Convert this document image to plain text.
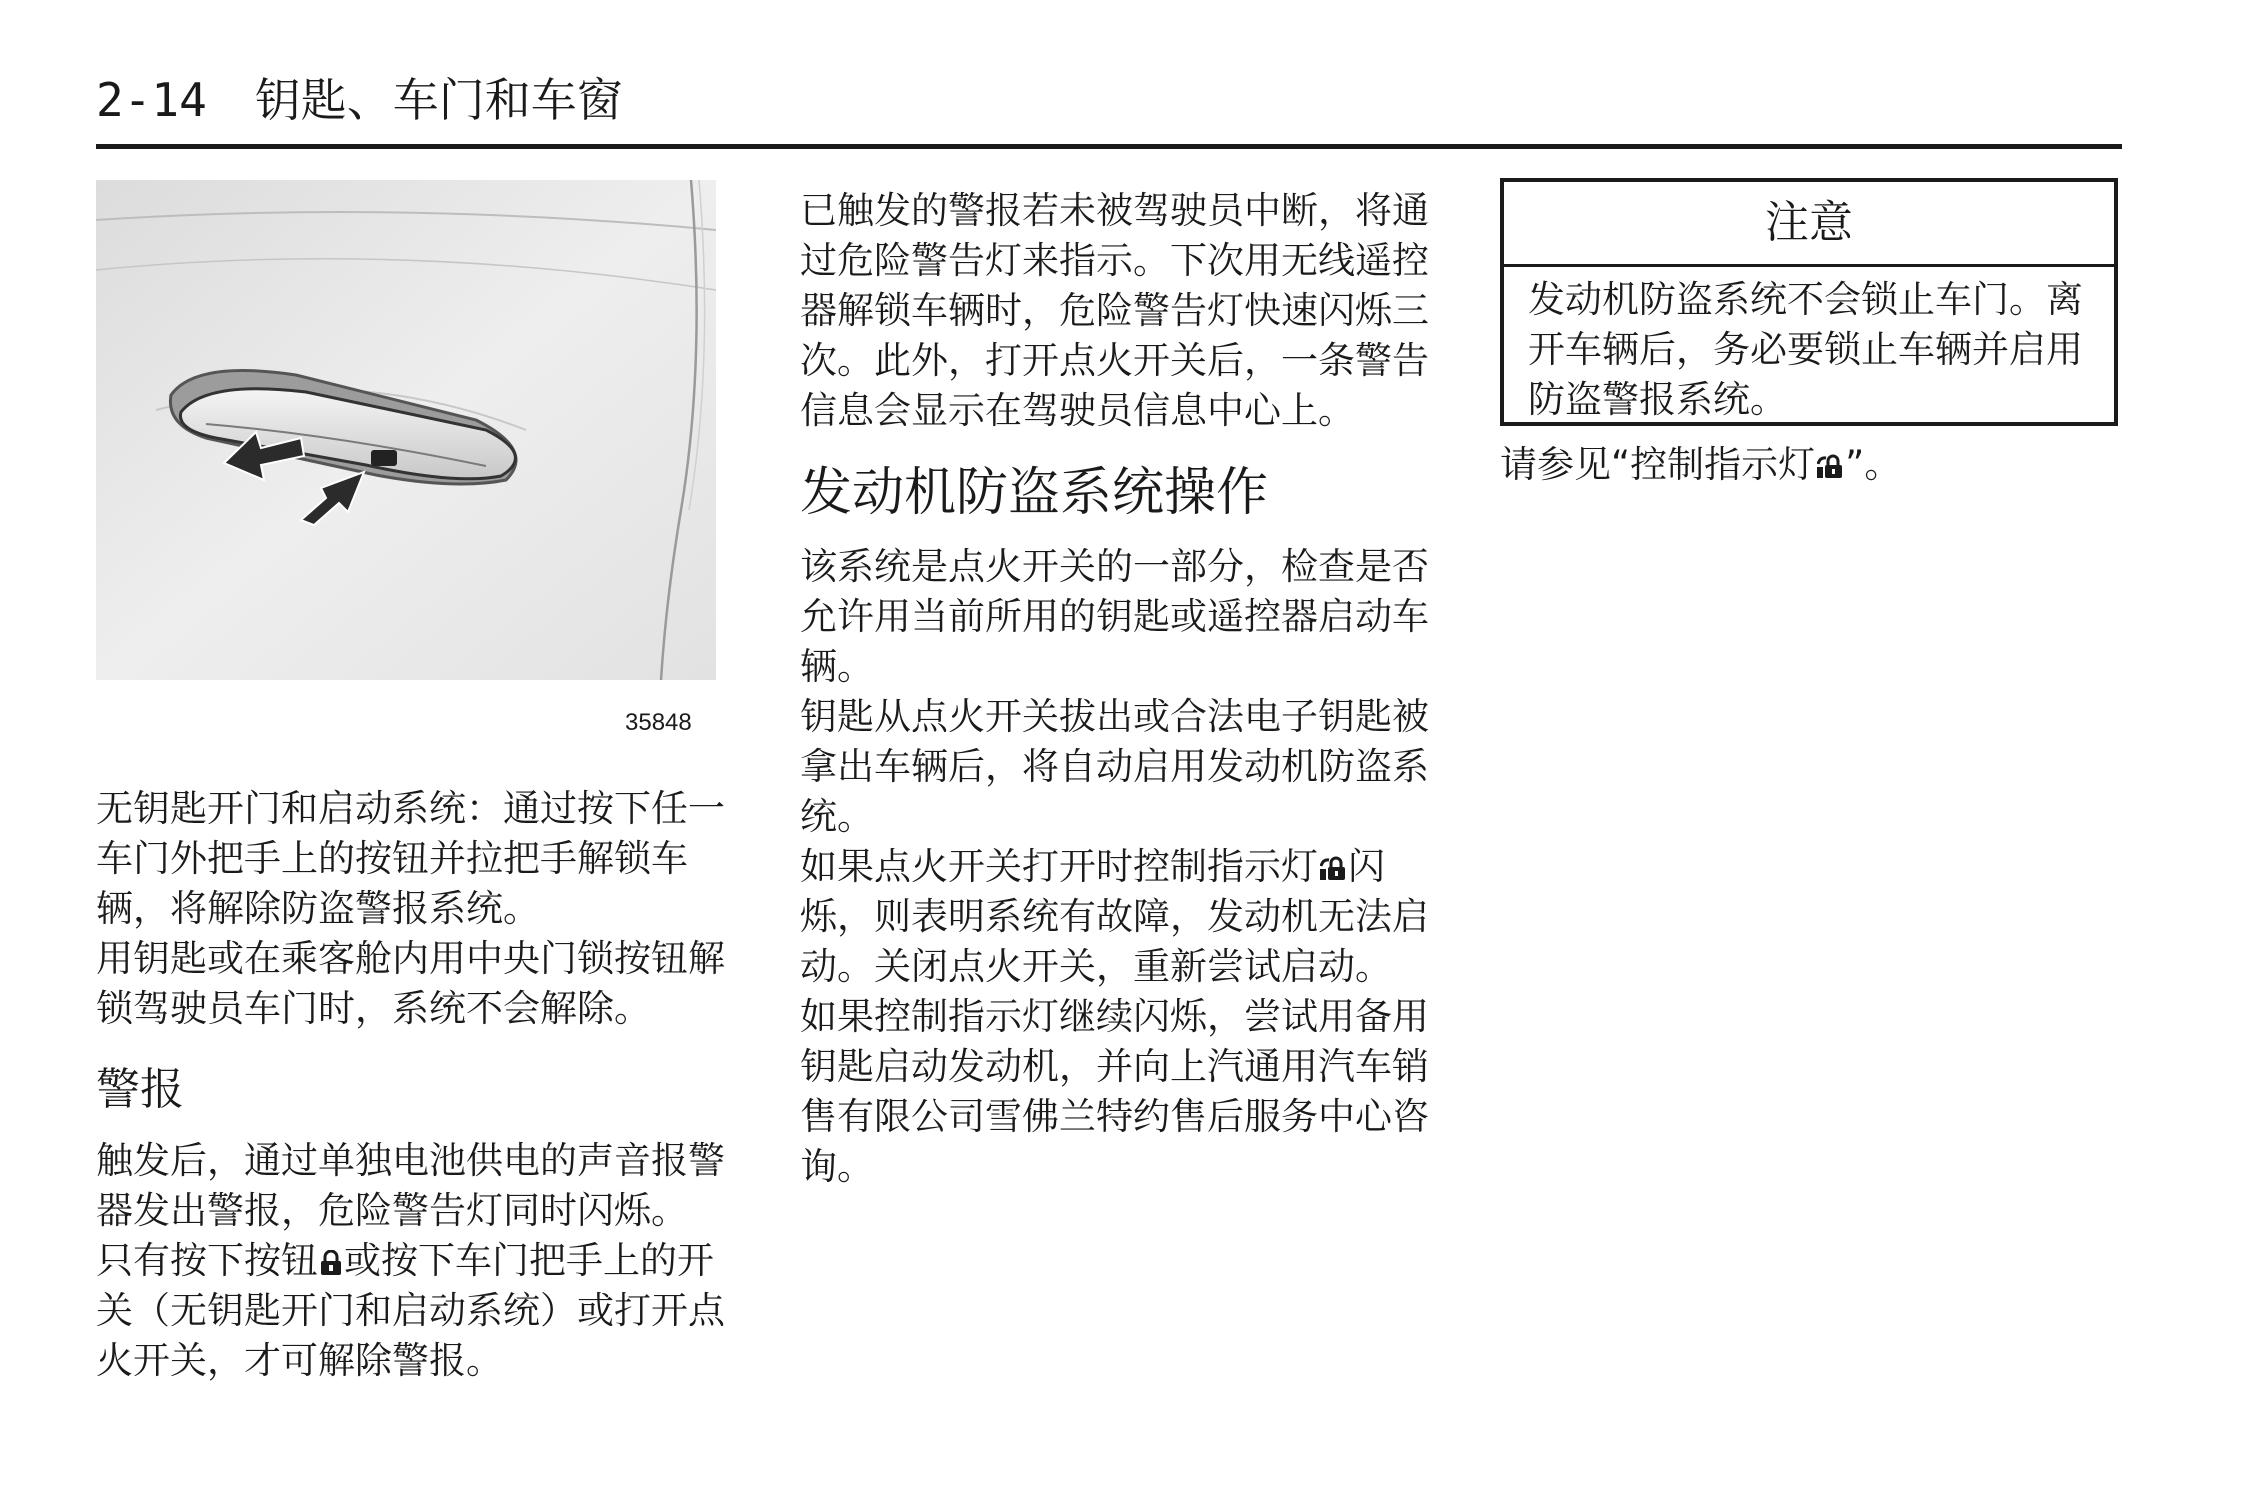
2-14 钥匙、车门和车窗
35848

无钥匙开门和启动系统：通过按下任一车门外把手上的按钮并拉把手解锁车辆，将解除防盗警报系统。

用钥匙或在乘客舱内用中央门锁按钮解锁驾驶员车门时，系统不会解除。

警报

触发后，通过单独电池供电的声音报警器发出警报，危险警告灯同时闪烁。

只有按下按钮 或按下车门把手上的开关（无钥匙开门和启动系统）或打开点火开关，才可解除警报。

已触发的警报若未被驾驶员中断，将通过危险警告灯来指示。下次用无线遥控器解锁车辆时，危险警告灯快速闪烁三次。此外，打开点火开关后，一条警告信息会显示在驾驶员信息中心上。

发动机防盗系统操作

该系统是点火开关的一部分，检查是否允许用当前所用的钥匙或遥控器启动车辆。

钥匙从点火开关拔出或合法电子钥匙被拿出车辆后，将自动启用发动机防盗系统。

如果点火开关打开时控制指示灯 闪烁，则表明系统有故障，发动机无法启动。关闭点火开关，重新尝试启动。

如果控制指示灯继续闪烁，尝试用备用钥匙启动发动机，并向上汽通用汽车销售有限公司雪佛兰特约售后服务中心咨询。

注意
发动机防盗系统不会锁止车门。离开车辆后，务必要锁止车辆并启用防盗警报系统。

请参见“控制指示灯 ”。
